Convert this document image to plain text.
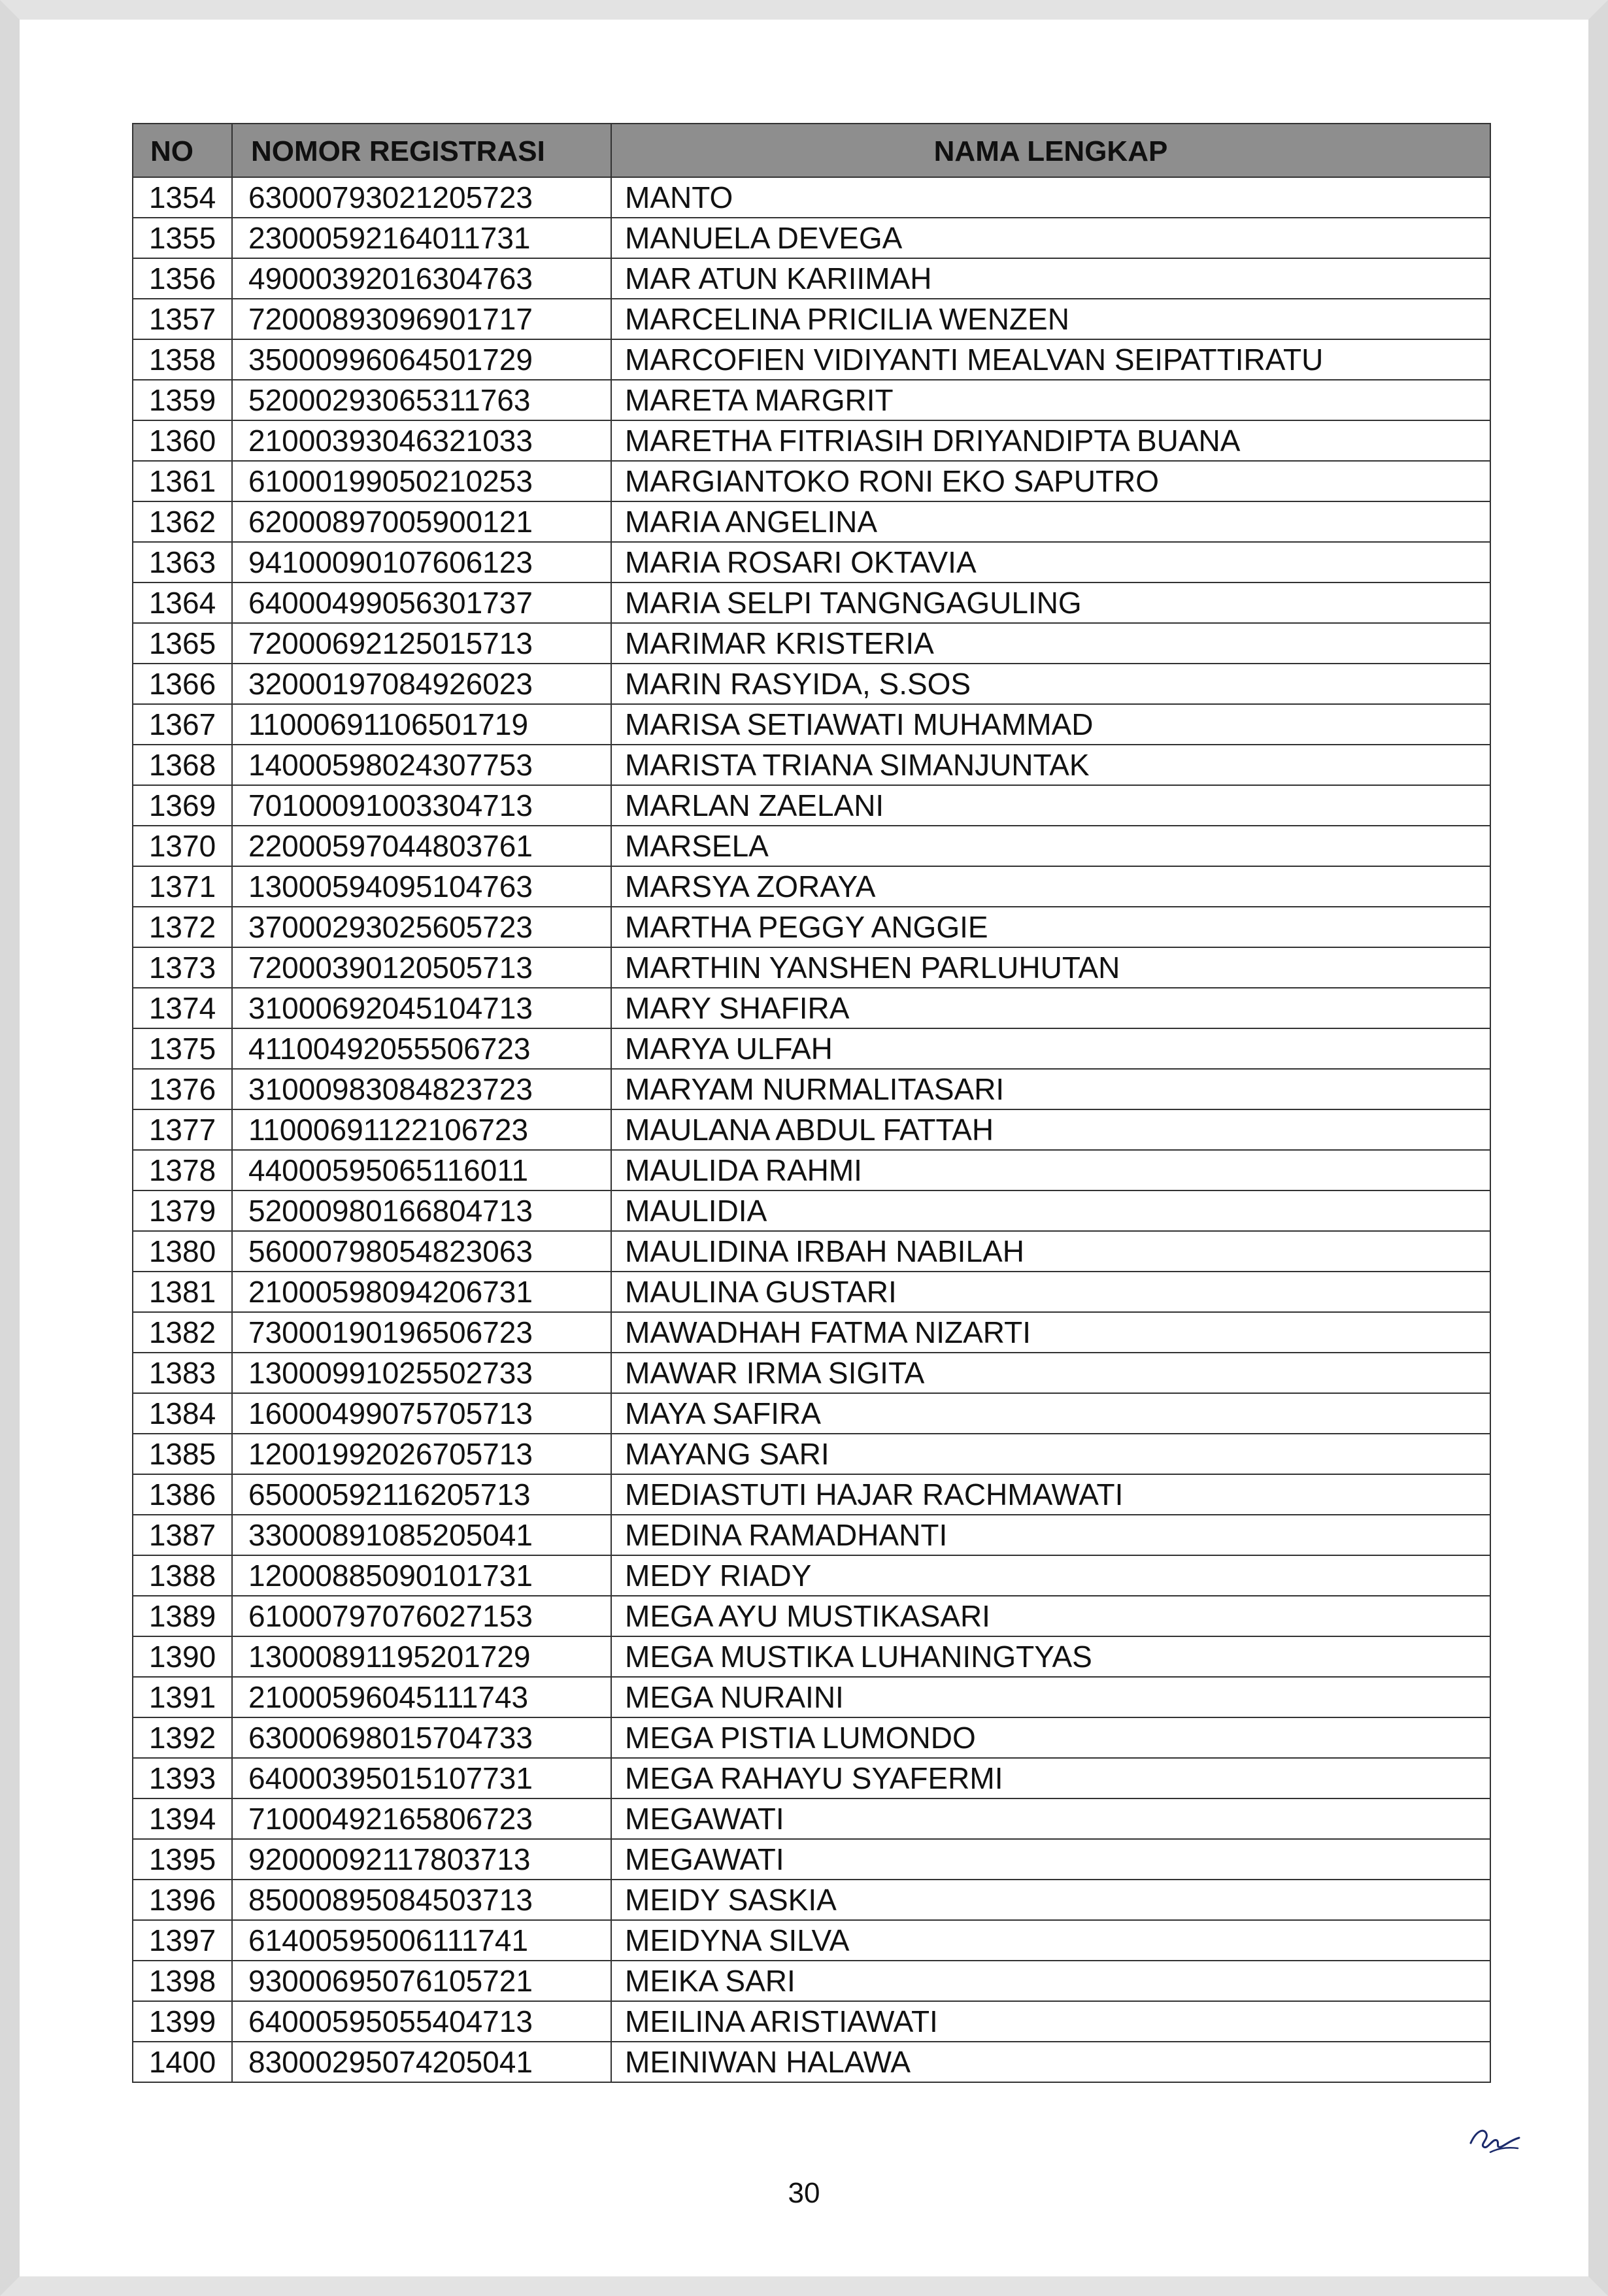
NO	NOMOR REGISTRASI	NAMA LENGKAP
1354	63000793021205723	MANTO
1355	23000592164011731	MANUELA DEVEGA
1356	49000392016304763	MAR ATUN KARIIMAH
1357	72000893096901717	MARCELINA PRICILIA WENZEN
1358	35000996064501729	MARCOFIEN VIDIYANTI MEALVAN SEIPATTIRATU
1359	52000293065311763	MARETA MARGRIT
1360	21000393046321033	MARETHA FITRIASIH DRIYANDIPTA BUANA
1361	61000199050210253	MARGIANTOKO RONI EKO SAPUTRO
1362	62000897005900121	MARIA ANGELINA
1363	94100090107606123	MARIA ROSARI OKTAVIA
1364	64000499056301737	MARIA SELPI TANGNGAGULING
1365	72000692125015713	MARIMAR KRISTERIA
1366	32000197084926023	MARIN RASYIDA, S.SOS
1367	11000691106501719	MARISA SETIAWATI MUHAMMAD
1368	14000598024307753	MARISTA TRIANA SIMANJUNTAK
1369	70100091003304713	MARLAN ZAELANI
1370	22000597044803761	MARSELA
1371	13000594095104763	MARSYA ZORAYA
1372	37000293025605723	MARTHA PEGGY ANGGIE
1373	72000390120505713	MARTHIN YANSHEN PARLUHUTAN
1374	31000692045104713	MARY SHAFIRA
1375	41100492055506723	MARYA ULFAH
1376	31000983084823723	MARYAM NURMALITASARI
1377	11000691122106723	MAULANA ABDUL FATTAH
1378	44000595065116011	MAULIDA RAHMI
1379	52000980166804713	MAULIDIA
1380	56000798054823063	MAULIDINA IRBAH NABILAH
1381	21000598094206731	MAULINA GUSTARI
1382	73000190196506723	MAWADHAH FATMA NIZARTI
1383	13000991025502733	MAWAR IRMA SIGITA
1384	16000499075705713	MAYA SAFIRA
1385	12001992026705713	MAYANG SARI
1386	65000592116205713	MEDIASTUTI HAJAR RACHMAWATI
1387	33000891085205041	MEDINA RAMADHANTI
1388	12000885090101731	MEDY RIADY
1389	61000797076027153	MEGA AYU MUSTIKASARI
1390	13000891195201729	MEGA MUSTIKA LUHANINGTYAS
1391	21000596045111743	MEGA NURAINI
1392	63000698015704733	MEGA PISTIA LUMONDO
1393	64000395015107731	MEGA RAHAYU SYAFERMI
1394	71000492165806723	MEGAWATI
1395	92000092117803713	MEGAWATI
1396	85000895084503713	MEIDY SASKIA
1397	61400595006111741	MEIDYNA SILVA
1398	93000695076105721	MEIKA SARI
1399	64000595055404713	MEILINA ARISTIAWATI
1400	83000295074205041	MEINIWAN HALAWA
30
